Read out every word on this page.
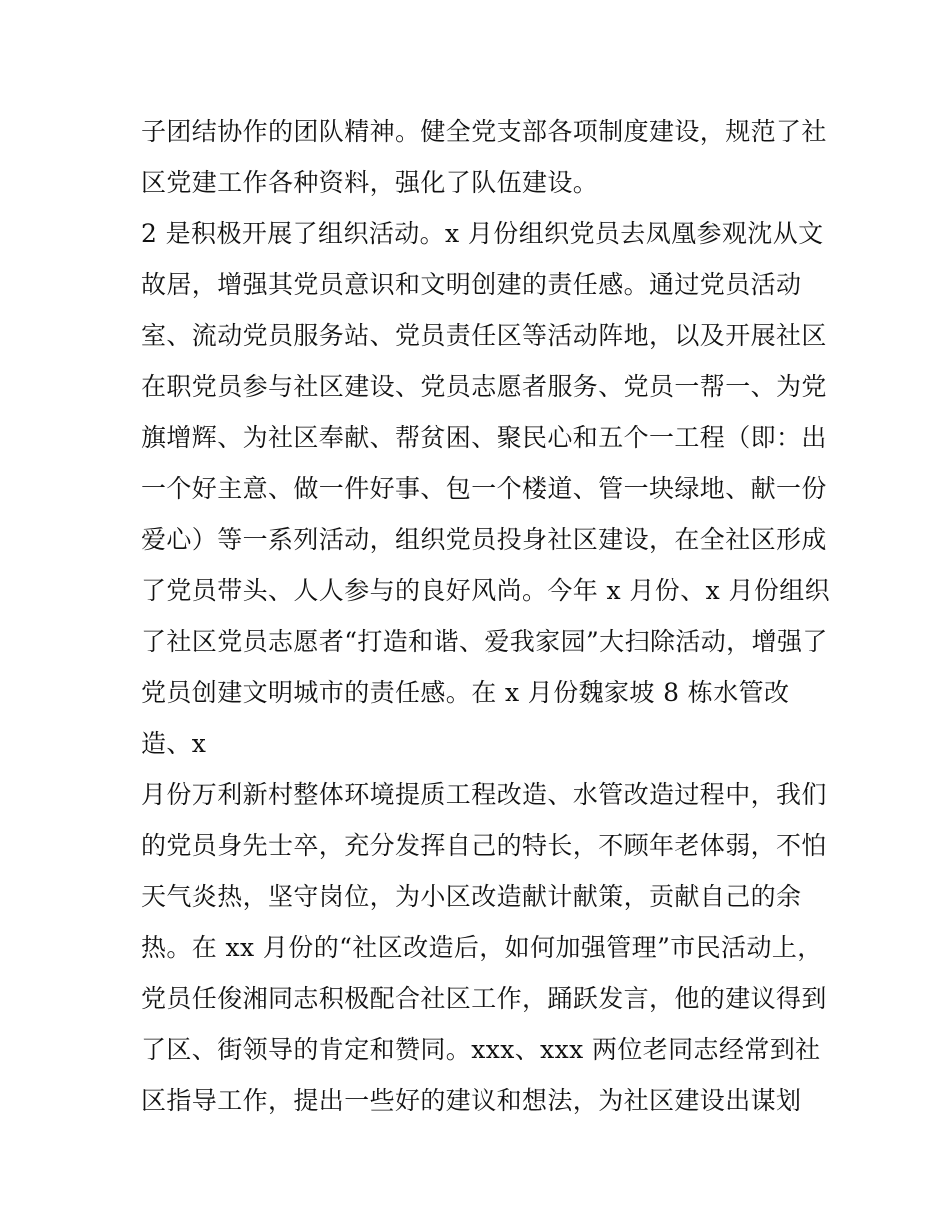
子团结协作的团队精神。健全党支部各项制度建设，规范了社
区党建工作各种资料，强化了队伍建设。
2 是积极开展了组织活动。x 月份组织党员去凤凰参观沈从文
故居，增强其党员意识和文明创建的责任感。通过党员活动
室、流动党员服务站、党员责任区等活动阵地，以及开展社区
在职党员参与社区建设、党员志愿者服务、党员一帮一、为党
旗增辉、为社区奉献、帮贫困、聚民心和五个一工程（即：出
一个好主意、做一件好事、包一个楼道、管一块绿地、献一份
爱心）等一系列活动，组织党员投身社区建设，在全社区形成
了党员带头、人人参与的良好风尚。今年 x 月份、x 月份组织
了社区党员志愿者“打造和谐、爱我家园”大扫除活动，增强了
党员创建文明城市的责任感。在 x 月份魏家坡 8 栋水管改
造、x
月份万利新村整体环境提质工程改造、水管改造过程中，我们
的党员身先士卒，充分发挥自己的特长，不顾年老体弱，不怕
天气炎热，坚守岗位，为小区改造献计献策，贡献自己的余
热。在 xx 月份的“社区改造后，如何加强管理”市民活动上，
党员任俊湘同志积极配合社区工作，踊跃发言，他的建议得到
了区、街领导的肯定和赞同。xxx、xxx 两位老同志经常到社
区指导工作，提出一些好的建议和想法，为社区建设出谋划
